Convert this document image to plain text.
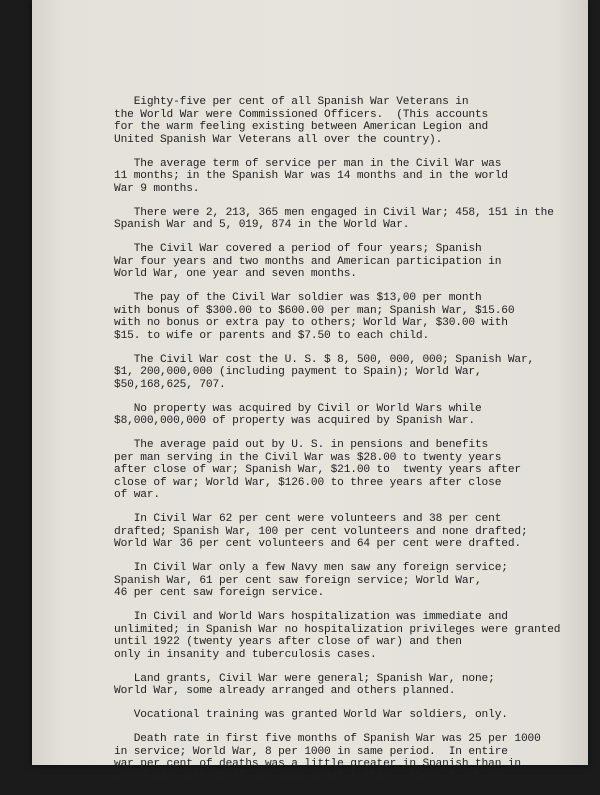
Eighty-five per cent of all Spanish War Veterans in
the World War were Commissioned Officers.  (This accounts
for the warm feeling existing between American Legion and
United Spanish War Veterans all over the country).
The average term of service per man in the Civil War was
11 months; in the Spanish War was 14 months and in the world
War 9 months.
There were 2, 213, 365 men engaged in Civil War; 458, 151 in the
Spanish War and 5, 019, 874 in the World War.
The Civil War covered a period of four years; Spanish
War four years and two months and American participation in
World War, one year and seven months.
The pay of the Civil War soldier was $13,00 per month
with bonus of $300.00 to $600.00 per man; Spanish War, $15.60
with no bonus or extra pay to others; World War, $30.00 with
$15. to wife or parents and $7.50 to each child.
The Civil War cost the U. S. $ 8, 500, 000, 000; Spanish War,
$1, 200,000,000 (including payment to Spain); World War,
$50,168,625, 707.
No property was acquired by Civil or World Wars while
$8,000,000,000 of property was acquired by Spanish War.
The average paid out by U. S. in pensions and benefits
per man serving in the Civil War was $28.00 to twenty years
after close of war; Spanish War, $21.00 to  twenty years after
close of war; World War, $126.00 to three years after close
of war.
In Civil War 62 per cent were volunteers and 38 per cent
drafted; Spanish War, 100 per cent volunteers and none drafted;
World War 36 per cent volunteers and 64 per cent were drafted.
In Civil War only a few Navy men saw any foreign service;
Spanish War, 61 per cent saw foreign service; World War,
46 per cent saw foreign service.
In Civil and World Wars hospitalization was immediate and
unlimited; in Spanish War no hospitalization privileges were granted
until 1922 (twenty years after close of war) and then
only in insanity and tuberculosis cases.
Land grants, Civil War were general; Spanish War, none;
World War, some already arranged and others planned.
Vocational training was granted World War soldiers, only.
Death rate in first five months of Spanish War was 25 per 1000
in service; World War, 8 per 1000 in same period.  In entire
war per cent of deaths was a little greater in Spanish than in
World War with Civil War much greater than either of others.
